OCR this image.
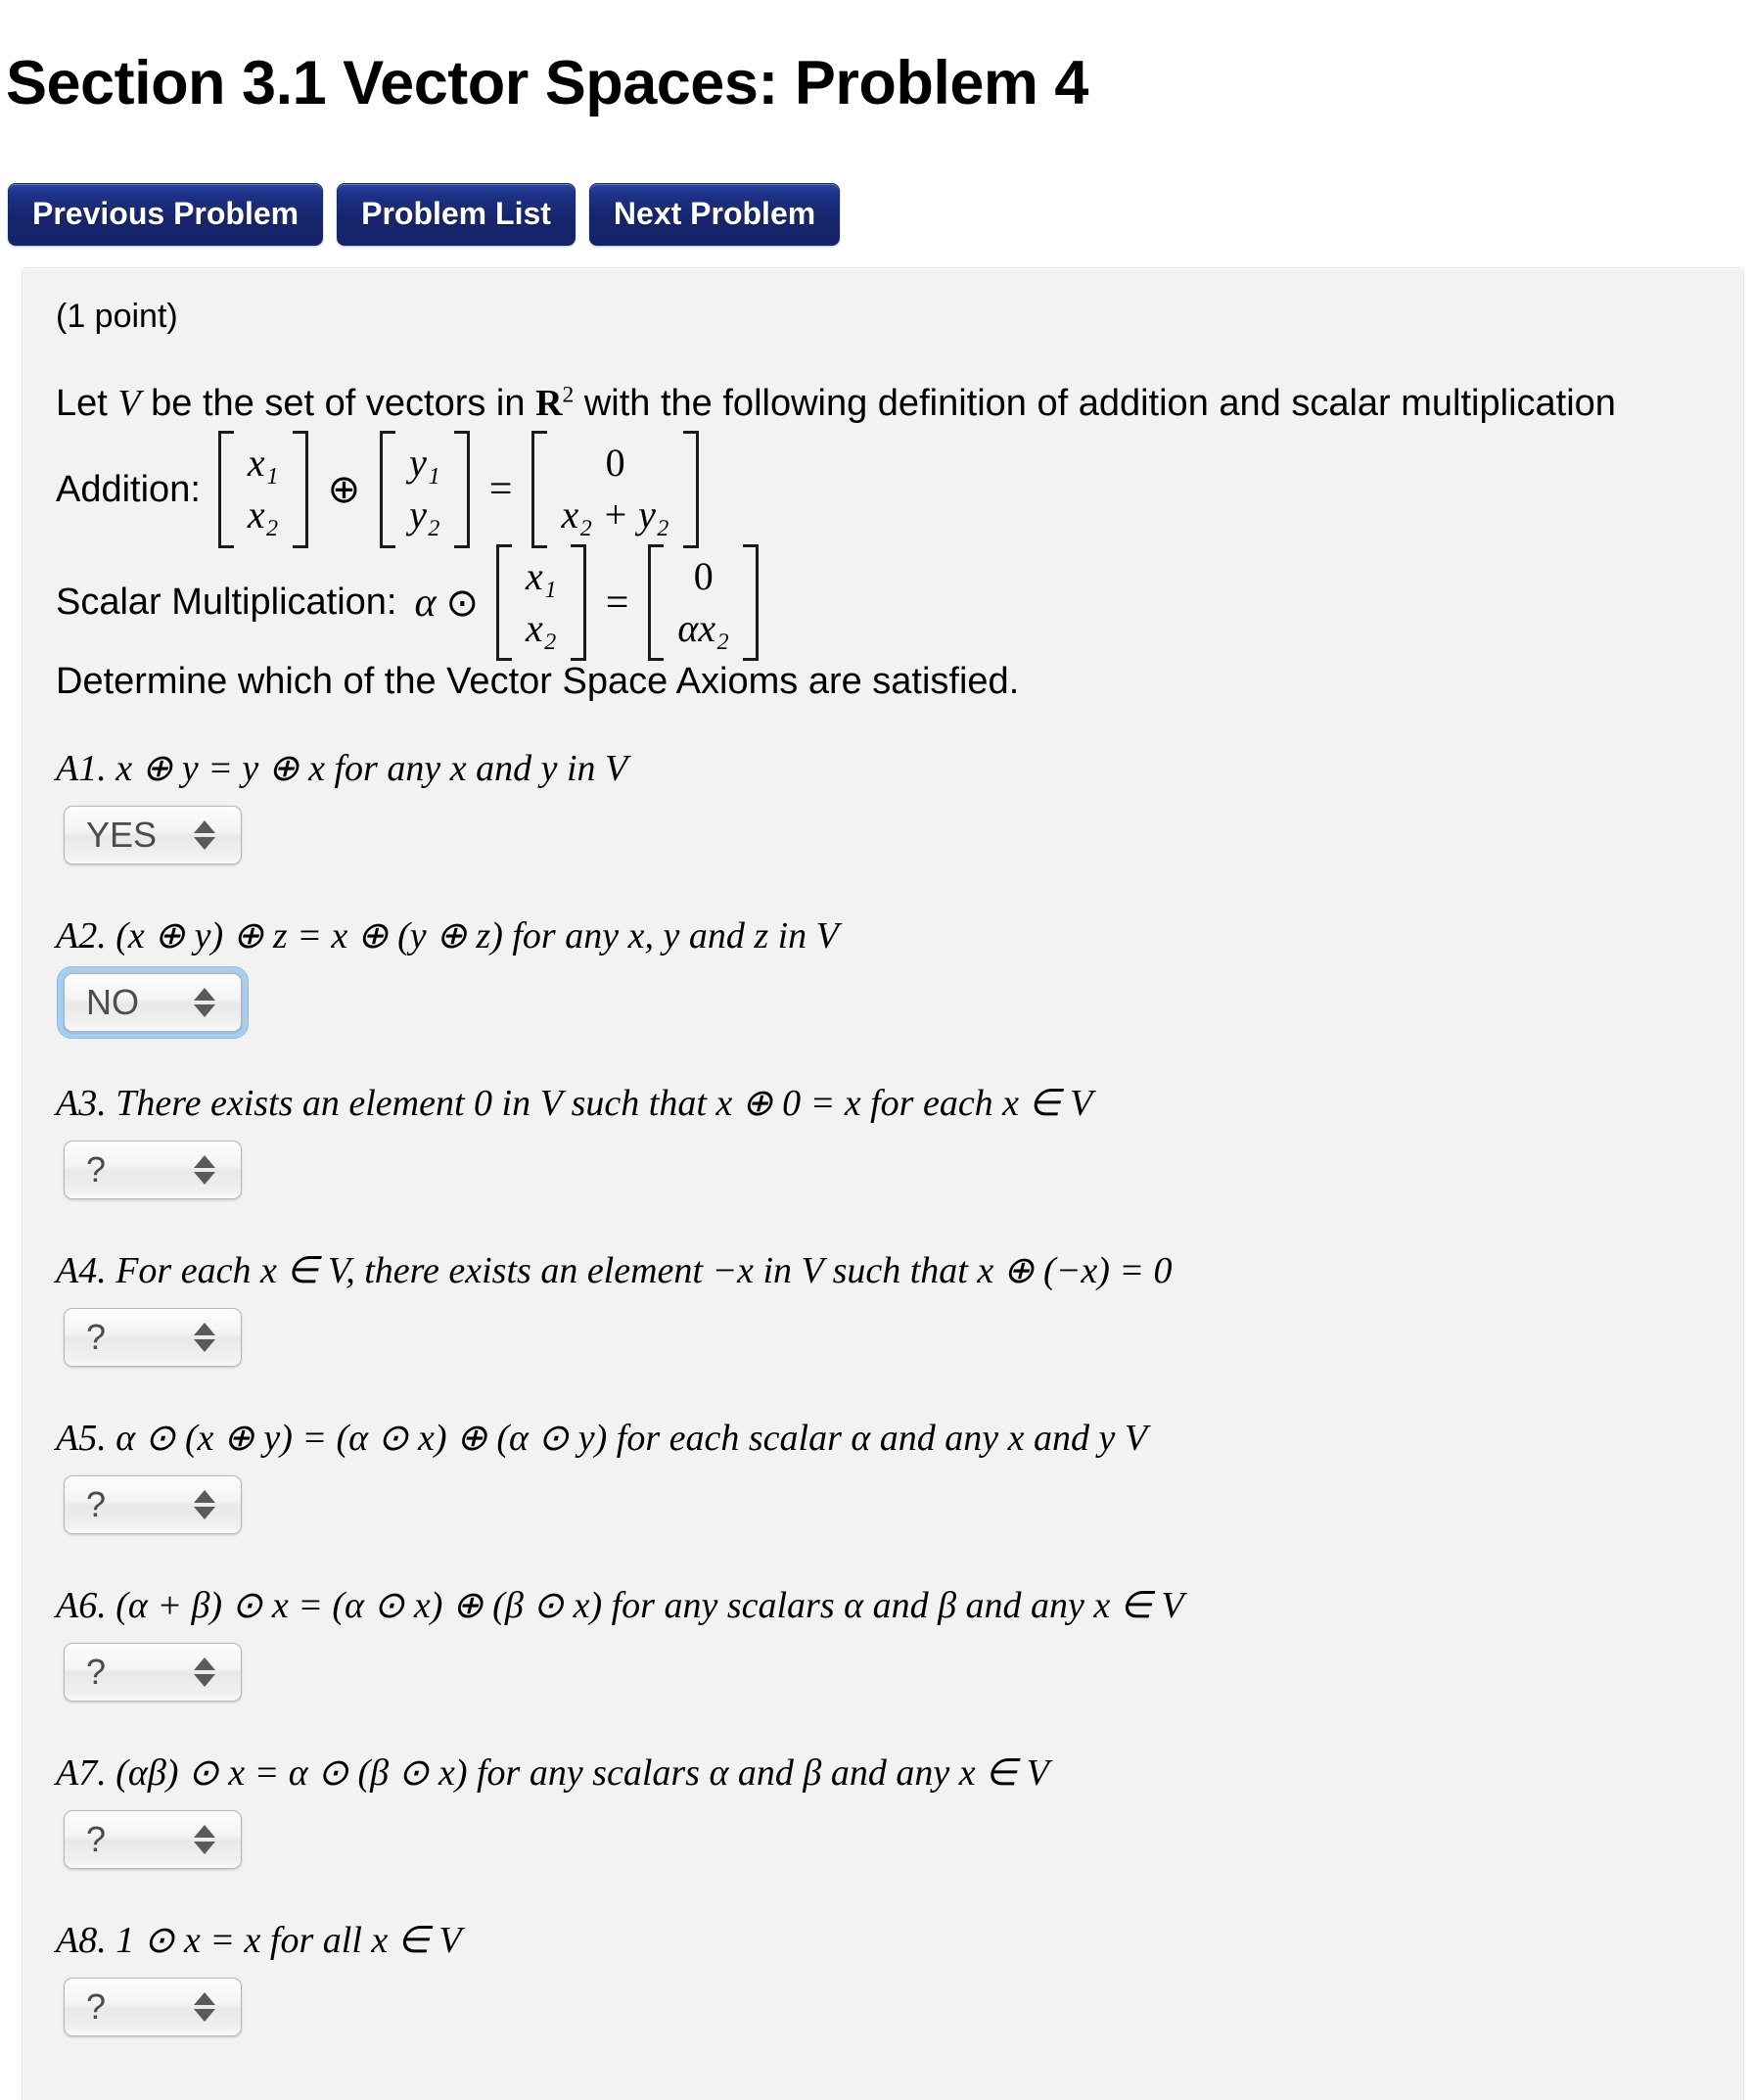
Section 3.1 Vector Spaces: Problem 4
Previous Problem	Problem List	Next Problem
(1 point)
Let V be the set of vectors in $R^2$ with the following definition of addition and scalar multiplication
Addition:
x₁
x₂
⊕
y₁
y₂
=
0
x₂ + y₂
Scalar Multiplication: α ⊙
x₁
x₂
=
0
αx₂
Determine which of the Vector Space Axioms are satisfied.
A1. x ⊕ y = y ⊕ x for any x and y in V
YES
A2. (x ⊕ y) ⊕ z = x ⊕ (y ⊕ z) for any x, y and z in V
NO
A3. There exists an element 0 in V such that x ⊕ 0 = x for each x ∈ V
?
A4. For each x ∈ V, there exists an element −x in V such that x ⊕ (−x) = 0
?
A5. α ⊙ (x ⊕ y) = (α ⊙ x) ⊕ (α ⊙ y) for each scalar α and any x and y V
?
A6. (α + β) ⊙ x = (α ⊙ x) ⊕ (β ⊙ x) for any scalars α and β and any x ∈ V
?
A7. (αβ) ⊙ x = α ⊙ (β ⊙ x) for any scalars α and β and any x ∈ V
?
A8. 1 ⊙ x = x for all x ∈ V
?
